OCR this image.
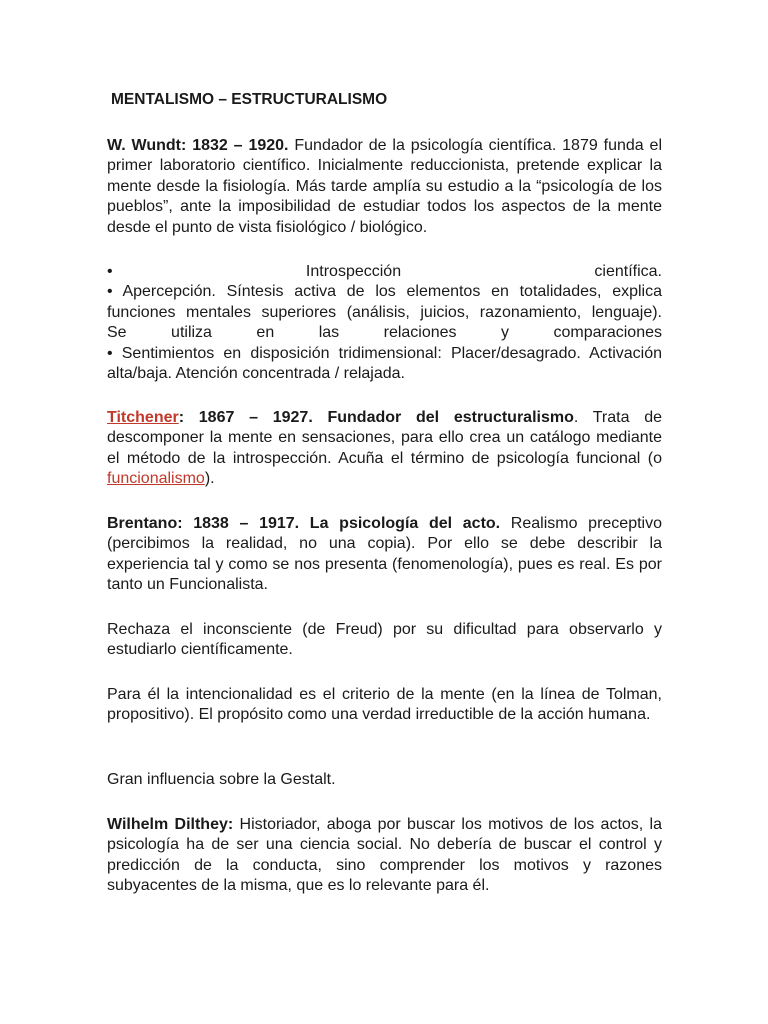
MENTALISMO – ESTRUCTURALISMO

W. Wundt: 1832 – 1920. Fundador de la psicología científica. 1879 funda el primer laboratorio científico. Inicialmente reduccionista, pretende explicar la mente desde la fisiología. Más tarde amplía su estudio a la “psicología de los pueblos”, ante la imposibilidad de estudiar todos los aspectos de la mente desde el punto de vista fisiológico / biológico.

• Introspección científica.
• Apercepción. Síntesis activa de los elementos en totalidades, explica funciones mentales superiores (análisis, juicios, razonamiento, lenguaje).
Se utiliza en las relaciones y comparaciones
• Sentimientos en disposición tridimensional: Placer/desagrado. Activación alta/baja. Atención concentrada / relajada.

Titchener: 1867 – 1927. Fundador del estructuralismo. Trata de descomponer la mente en sensaciones, para ello crea un catálogo mediante el método de la introspección. Acuña el término de psicología funcional (o funcionalismo).

Brentano: 1838 – 1917. La psicología del acto. Realismo preceptivo (percibimos la realidad, no una copia). Por ello se debe describir la experiencia tal y como se nos presenta (fenomenología), pues es real. Es por tanto un Funcionalista.

Rechaza el inconsciente (de Freud) por su dificultad para observarlo y estudiarlo científicamente.

Para él la intencionalidad es el criterio de la mente (en la línea de Tolman, propositivo). El propósito como una verdad irreductible de la acción humana.

Gran influencia sobre la Gestalt.

Wilhelm Dilthey: Historiador, aboga por buscar los motivos de los actos, la psicología ha de ser una ciencia social. No debería de buscar el control y predicción de la conducta, sino comprender los motivos y razones subyacentes de la misma, que es lo relevante para él.
